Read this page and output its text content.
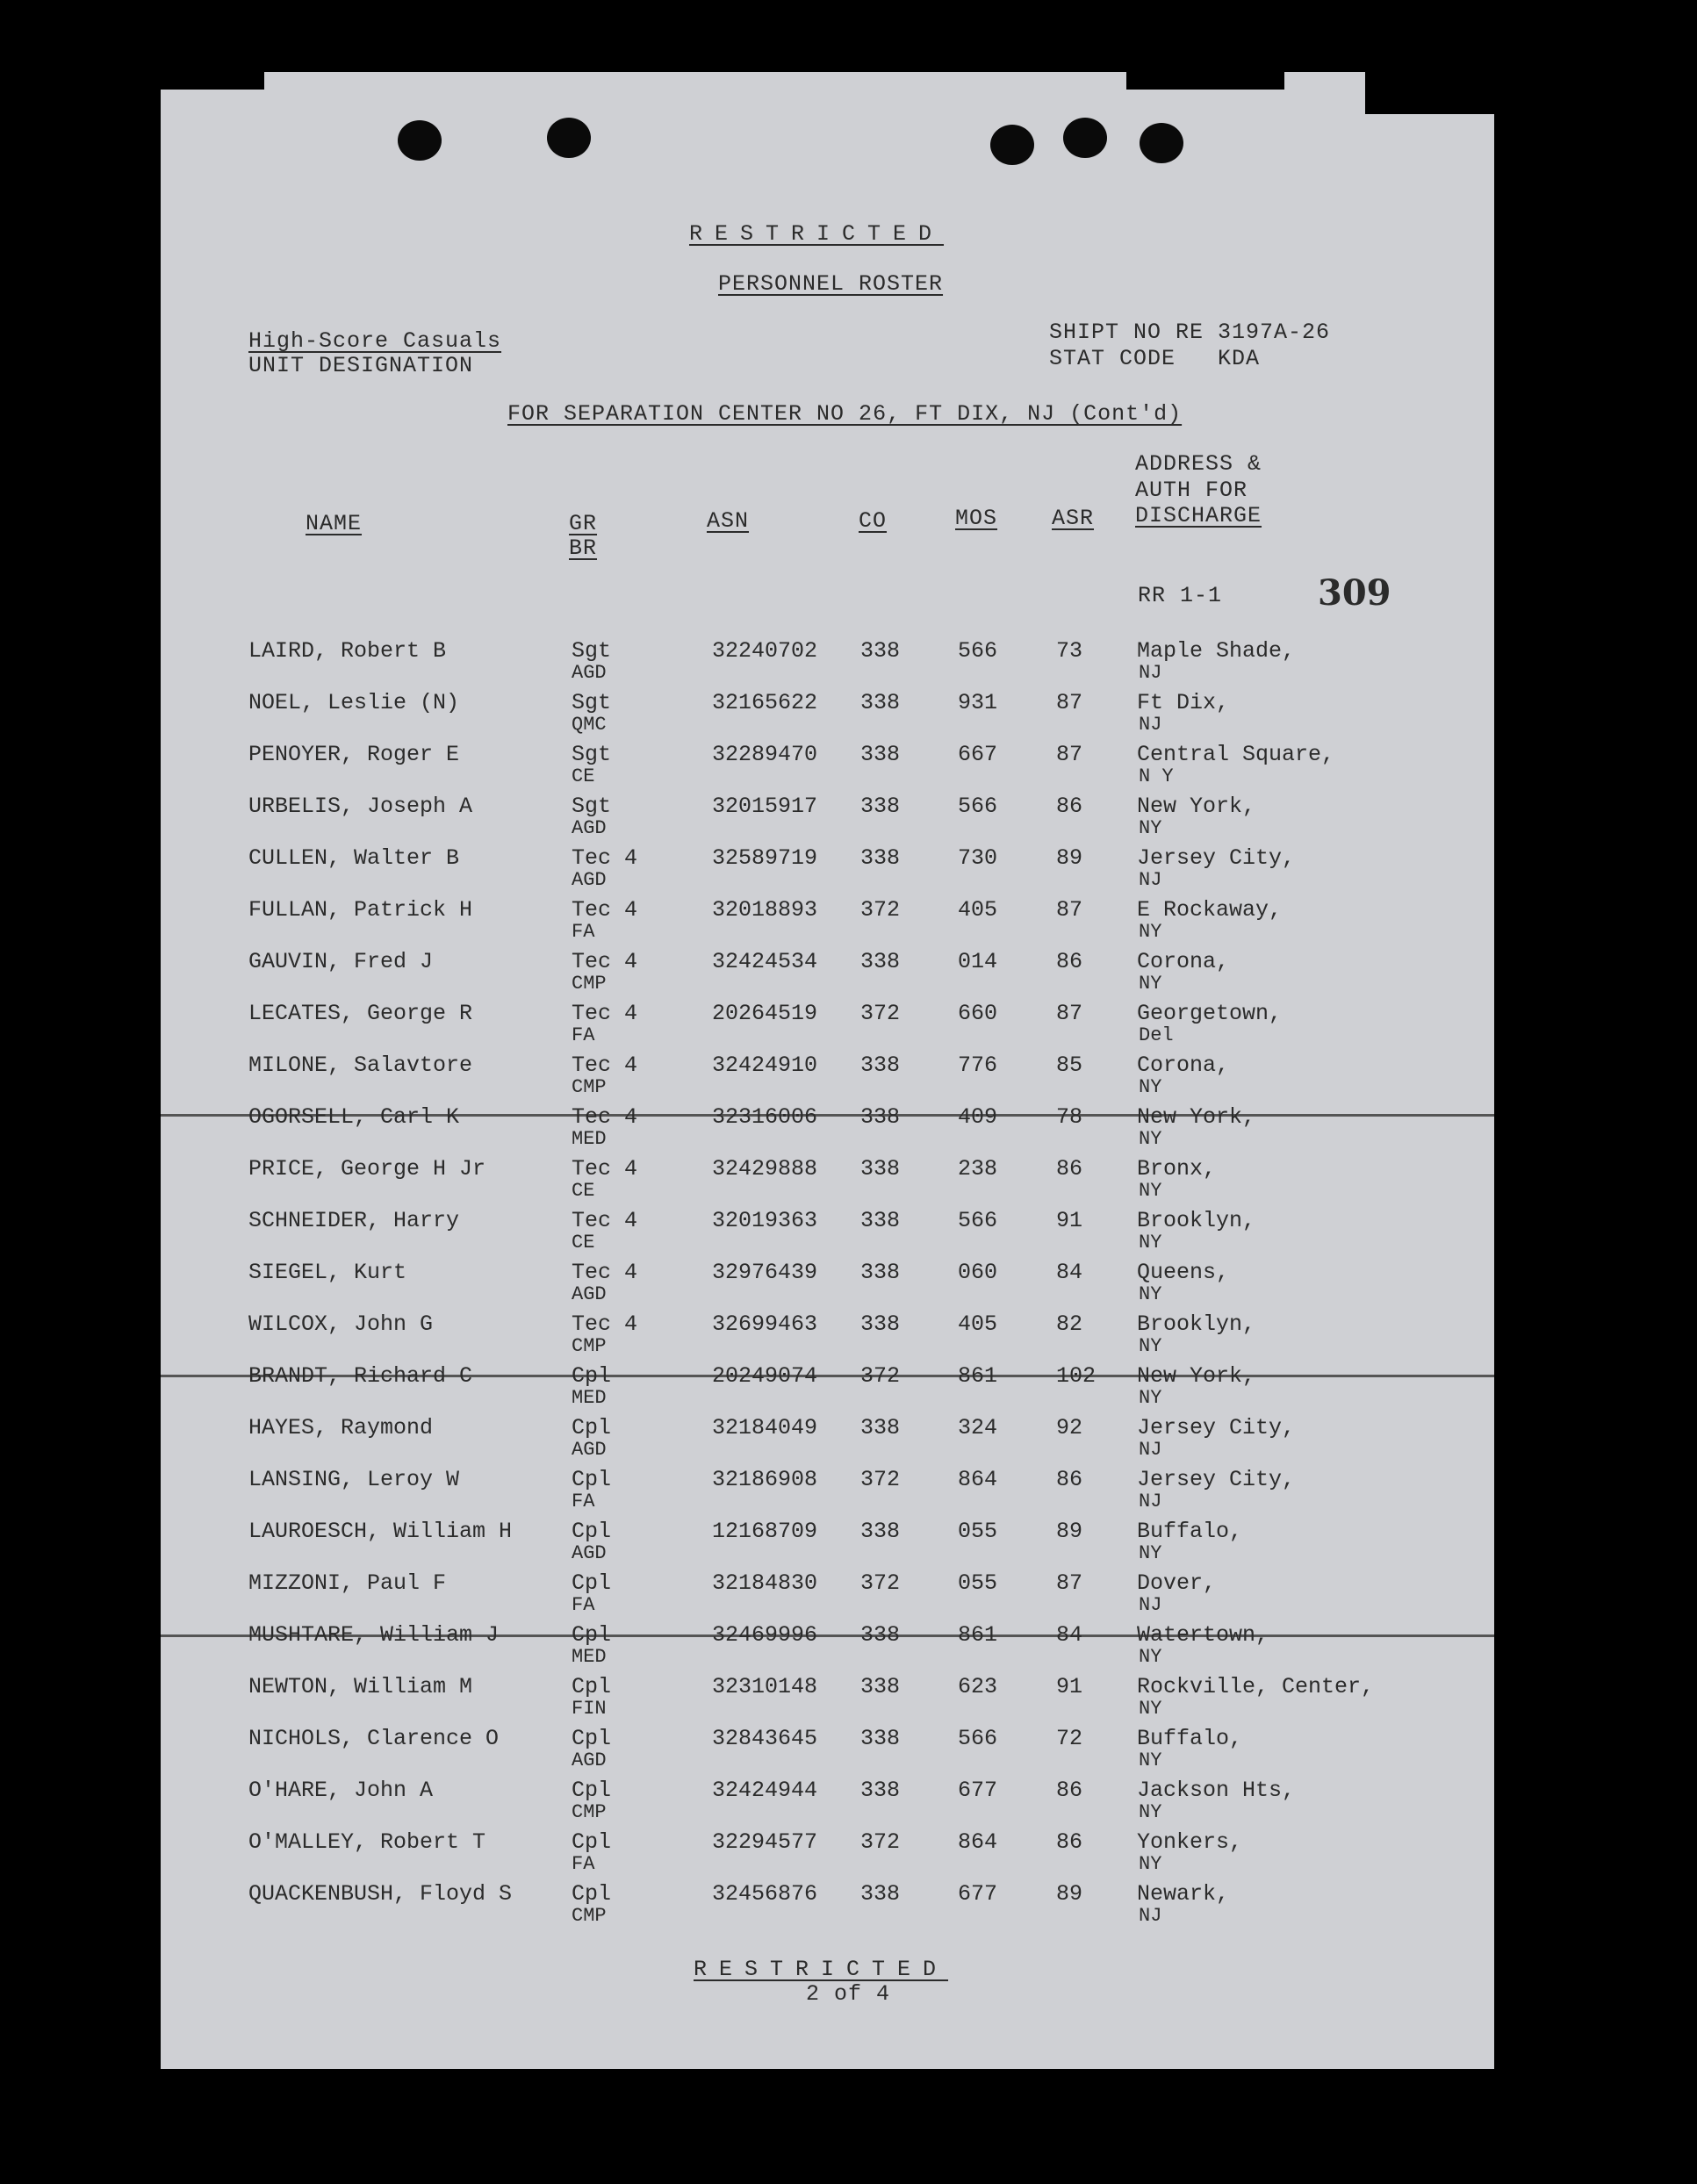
RESTRICTED
PERSONNEL ROSTER
High-Score Casuals
UNIT DESIGNATION
SHIPT NO RE 3197A-26
STAT CODE   KDA
FOR SEPARATION CENTER NO 26, FT DIX, NJ (Cont'd)
NAME	GR
BR
ASN	CO	MOS ASR
ADDRESS &
AUTH FOR
DISCHARGE
RR 1-1	309
LAIRD, Robert B	Sgt	32240702 338	566	73 Maple Shade,
AGD	NJ
NOEL, Leslie (N)	Sgt	32165622 338	931	87 Ft Dix,
QMC	NJ
PENOYER, Roger E	Sgt	32289470 338	667	87 Central Square,
CE	N Y
URBELIS, Joseph A	Sgt	32015917 338	566	86 New York,
AGD	NY
CULLEN, Walter B	Tec 4	32589719 338	730	89 Jersey City,
AGD	NJ
FULLAN, Patrick H	Tec 4	32018893 372	405	87 E Rockaway,
FA	NY
GAUVIN, Fred J	Tec 4	32424534 338	014	86 Corona,
CMP	NY
LECATES, George R	Tec 4	20264519 372	660	87 Georgetown,
FA	Del
MILONE, Salavtore	Tec 4	32424910 338	776	85 Corona,
CMP	NY
OGORSELL, Carl K	Tec 4	32316006 338	409	78 New York,
MED	NY
PRICE, George H Jr	Tec 4	32429888 338	238	86 Bronx,
CE	NY
SCHNEIDER, Harry	Tec 4	32019363 338	566	91 Brooklyn,
CE	NY
SIEGEL, Kurt	Tec 4	32976439 338	060	84 Queens,
AGD	NY
WILCOX, John G	Tec 4	32699463 338	405	82 Brooklyn,
CMP	NY
BRANDT, Richard C	Cpl	20249074 372	861	102 New York,
MED	NY
HAYES, Raymond	Cpl	32184049 338	324	92 Jersey City,
AGD	NJ
LANSING, Leroy W	Cpl	32186908 372	864	86 Jersey City,
FA	NJ
LAUROESCH, William H	Cpl	12168709 338	055	89 Buffalo,
AGD	NY
MIZZONI, Paul F	Cpl	32184830 372	055	87 Dover,
FA	NJ
MUSHTARE, William J	Cpl	32469996 338	861	84 Watertown,
MED	NY
NEWTON, William M	Cpl	32310148 338	623	91 Rockville, Center,
FIN	NY
NICHOLS, Clarence O	Cpl	32843645 338	566	72 Buffalo,
AGD	NY
O'HARE, John A	Cpl	32424944 338	677	86 Jackson Hts,
CMP	NY
O'MALLEY, Robert T	Cpl	32294577 372	864	86 Yonkers,
FA	NY
QUACKENBUSH, Floyd S	Cpl	32456876 338	677	89 Newark,
CMP	NJ
RESTRICTED
2 of 4
